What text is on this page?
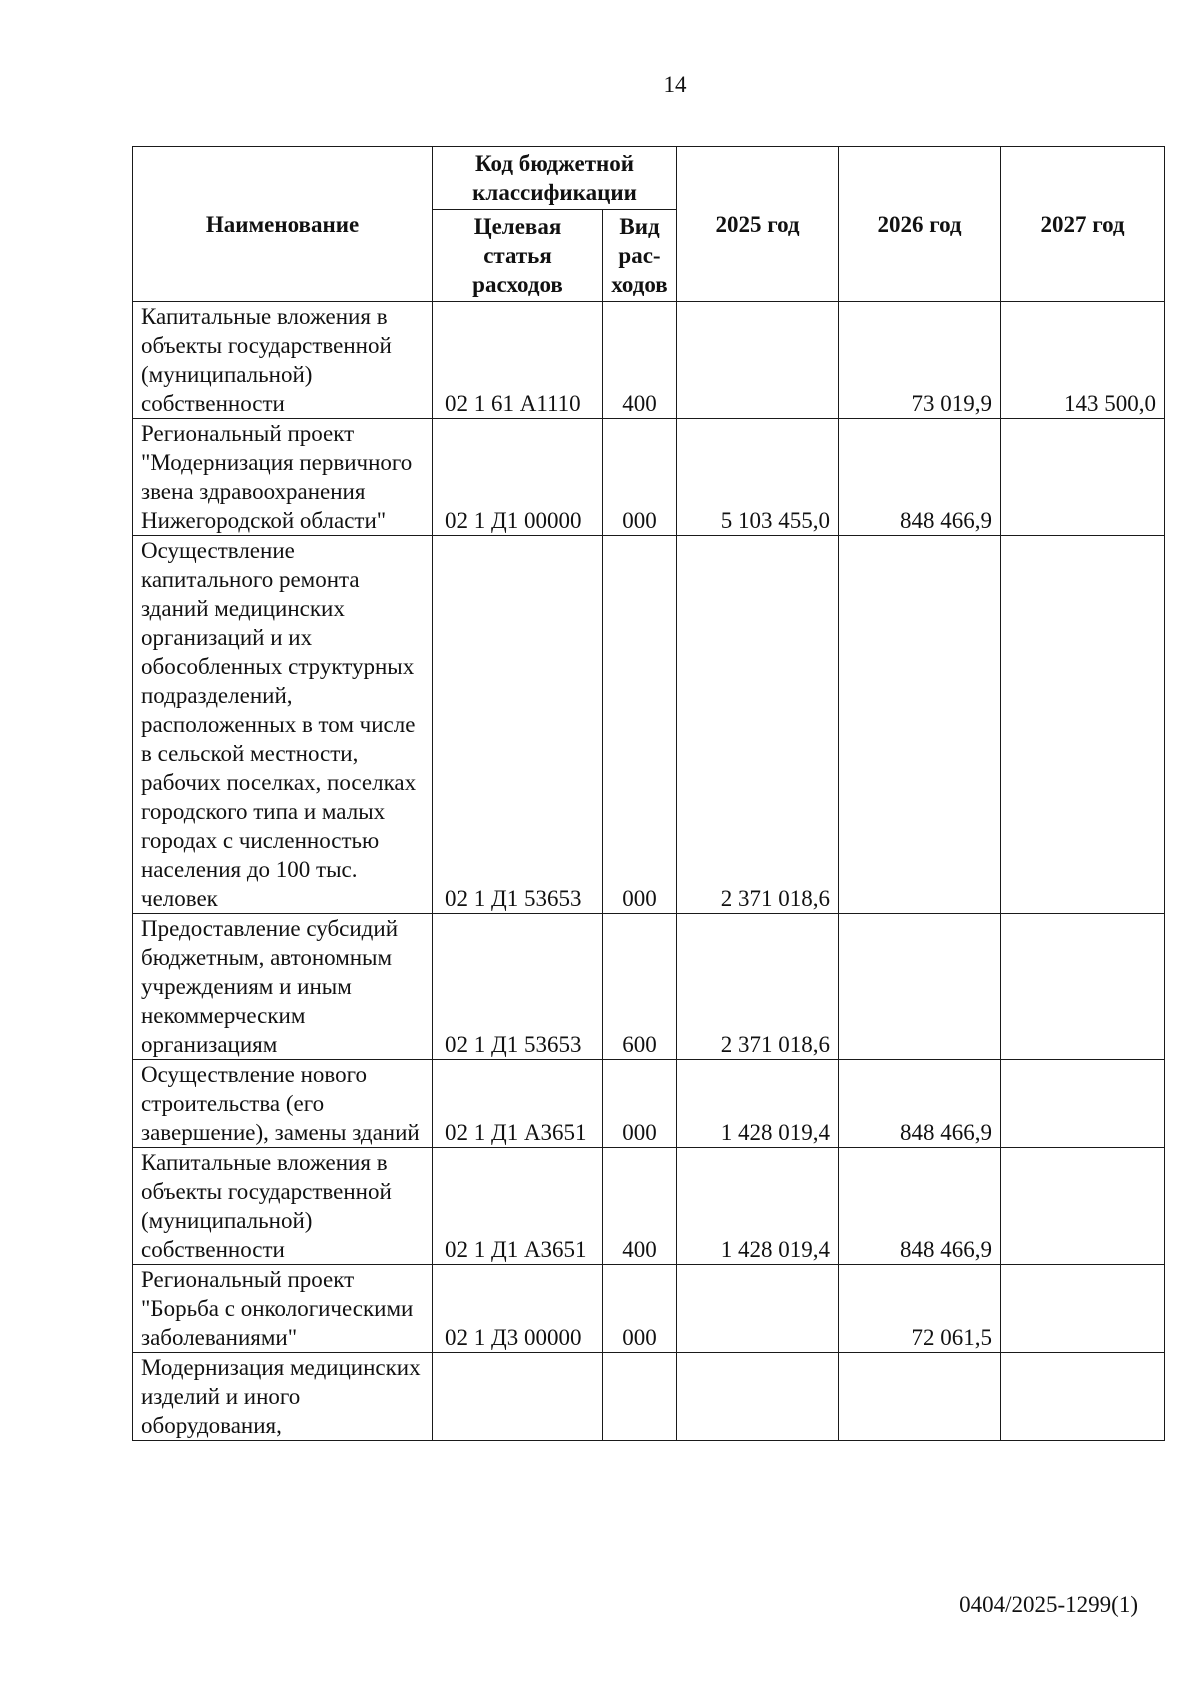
14
Наименование	Код бюджетной классификации		2025 год	2026 год	2027 год
	Целевая статья расходов	Вид рас-ходов			
Капитальные вложения в объекты государственной (муниципальной) собственности	02 1 61 А1110	400		73 019,9	143 500,0
Региональный проект "Модернизация первичного звена здравоохранения Нижегородской области"	02 1 Д1 00000	000	5 103 455,0	848 466,9	
Осуществление капитального ремонта зданий медицинских организаций и их обособленных структурных подразделений, расположенных в том числе в сельской местности, рабочих поселках, поселках городского типа и малых городах с численностью населения до 100 тыс. человек	02 1 Д1 53653	000	2 371 018,6		
Предоставление субсидий бюджетным, автономным учреждениям и иным некоммерческим организациям	02 1 Д1 53653	600	2 371 018,6		
Осуществление нового строительства (его завершение), замены зданий	02 1 Д1 А3651	000	1 428 019,4	848 466,9	
Капитальные вложения в объекты государственной (муниципальной) собственности	02 1 Д1 А3651	400	1 428 019,4	848 466,9	
Региональный проект "Борьба с онкологическими заболеваниями"	02 1 Д3 00000	000		72 061,5	
Модернизация медицинских изделий и иного оборудования,					
0404/2025-1299(1)
